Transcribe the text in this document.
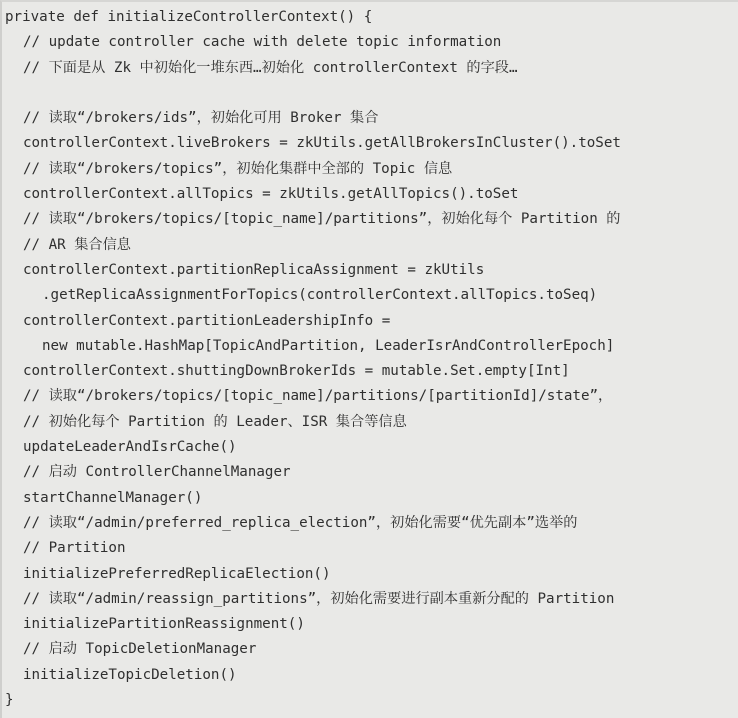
private def initializeControllerContext() {
// update controller cache with delete topic information
// 下面是从 Zk 中初始化一堆东西…初始化 controllerContext 的字段…
// 读取“/brokers/ids”，初始化可用 Broker 集合
controllerContext.liveBrokers = zkUtils.getAllBrokersInCluster().toSet
// 读取“/brokers/topics”，初始化集群中全部的 Topic 信息
controllerContext.allTopics = zkUtils.getAllTopics().toSet
// 读取“/brokers/topics/[topic_name]/partitions”，初始化每个 Partition 的
// AR 集合信息
controllerContext.partitionReplicaAssignment = zkUtils
.getReplicaAssignmentForTopics(controllerContext.allTopics.toSeq)
controllerContext.partitionLeadershipInfo =
new mutable.HashMap[TopicAndPartition, LeaderIsrAndControllerEpoch]
controllerContext.shuttingDownBrokerIds = mutable.Set.empty[Int]
// 读取“/brokers/topics/[topic_name]/partitions/[partitionId]/state”，
// 初始化每个 Partition 的 Leader、ISR 集合等信息
updateLeaderAndIsrCache()
// 启动 ControllerChannelManager
startChannelManager()
// 读取“/admin/preferred_replica_election”，初始化需要“优先副本”选举的
// Partition
initializePreferredReplicaElection()
// 读取“/admin/reassign_partitions”，初始化需要进行副本重新分配的 Partition
initializePartitionReassignment()
// 启动 TopicDeletionManager
initializeTopicDeletion()
}
